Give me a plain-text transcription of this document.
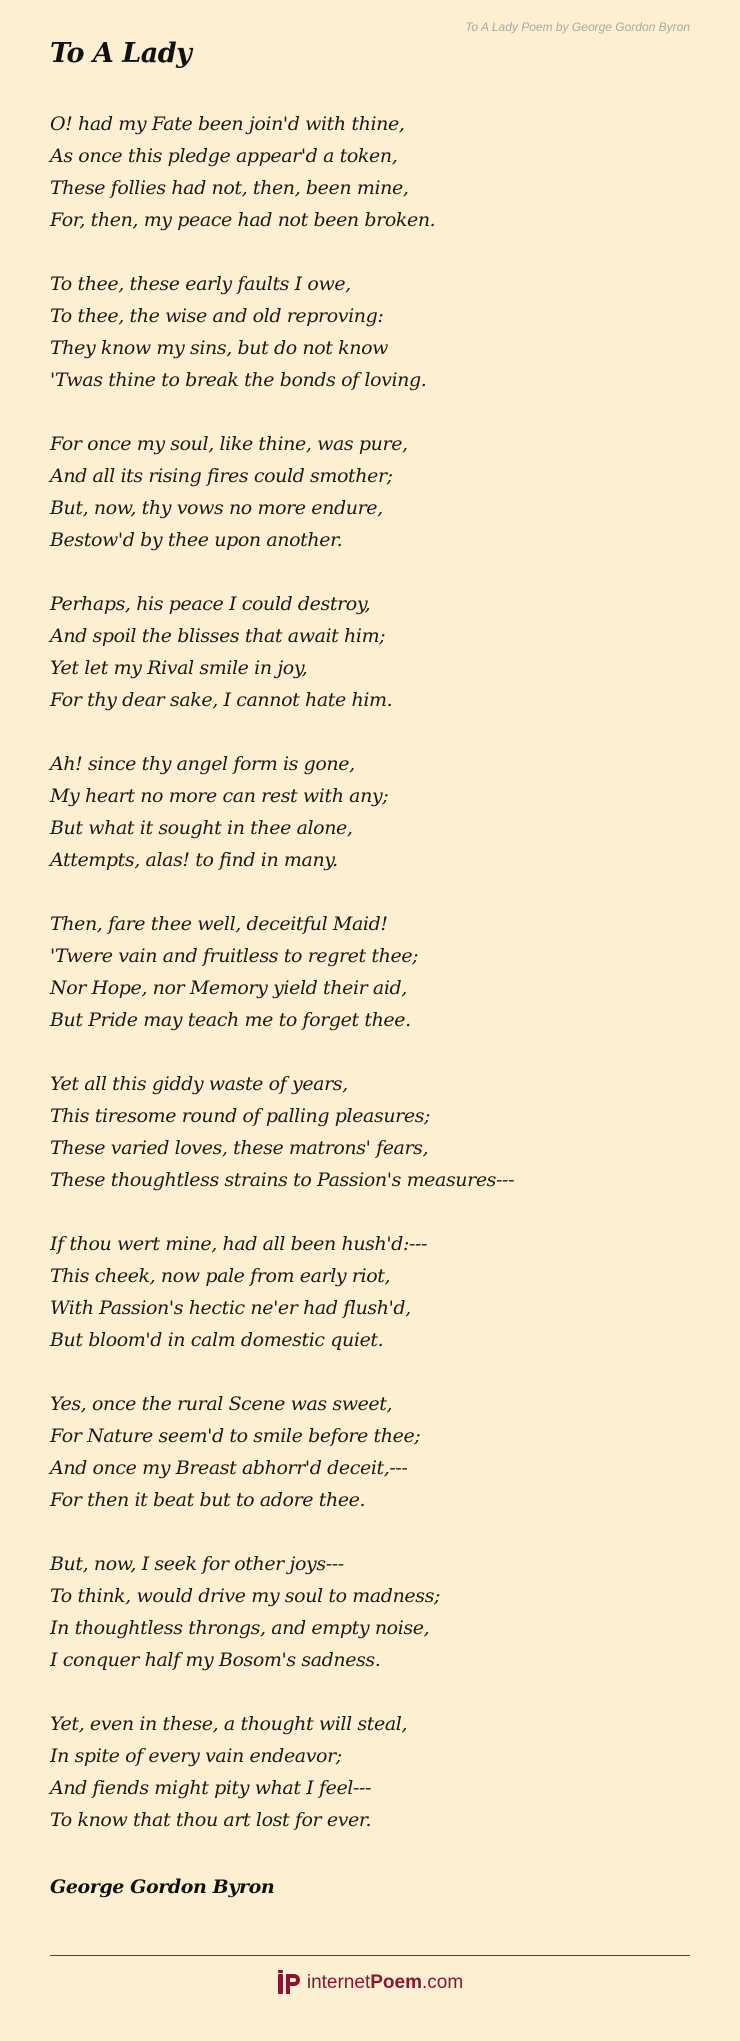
To A Lady Poem by George Gordon Byron
To A Lady

O! had my Fate been join'd with thine,
As once this pledge appear'd a token,
These follies had not, then, been mine,
For, then, my peace had not been broken.

To thee, these early faults I owe,
To thee, the wise and old reproving:
They know my sins, but do not know
'Twas thine to break the bonds of loving.

For once my soul, like thine, was pure,
And all its rising fires could smother;
But, now, thy vows no more endure,
Bestow'd by thee upon another.

Perhaps, his peace I could destroy,
And spoil the blisses that await him;
Yet let my Rival smile in joy,
For thy dear sake, I cannot hate him.

Ah! since thy angel form is gone,
My heart no more can rest with any;
But what it sought in thee alone,
Attempts, alas! to find in many.

Then, fare thee well, deceitful Maid!
'Twere vain and fruitless to regret thee;
Nor Hope, nor Memory yield their aid,
But Pride may teach me to forget thee.

Yet all this giddy waste of years,
This tiresome round of palling pleasures;
These varied loves, these matrons' fears,
These thoughtless strains to Passion's measures---

If thou wert mine, had all been hush'd:---
This cheek, now pale from early riot,
With Passion's hectic ne'er had flush'd,
But bloom'd in calm domestic quiet.

Yes, once the rural Scene was sweet,
For Nature seem'd to smile before thee;
And once my Breast abhorr'd deceit,---
For then it beat but to adore thee.

But, now, I seek for other joys---
To think, would drive my soul to madness;
In thoughtless throngs, and empty noise,
I conquer half my Bosom's sadness.

Yet, even in these, a thought will steal,
In spite of every vain endeavor;
And fiends might pity what I feel---
To know that thou art lost for ever.

George Gordon Byron
internetPoem.com
